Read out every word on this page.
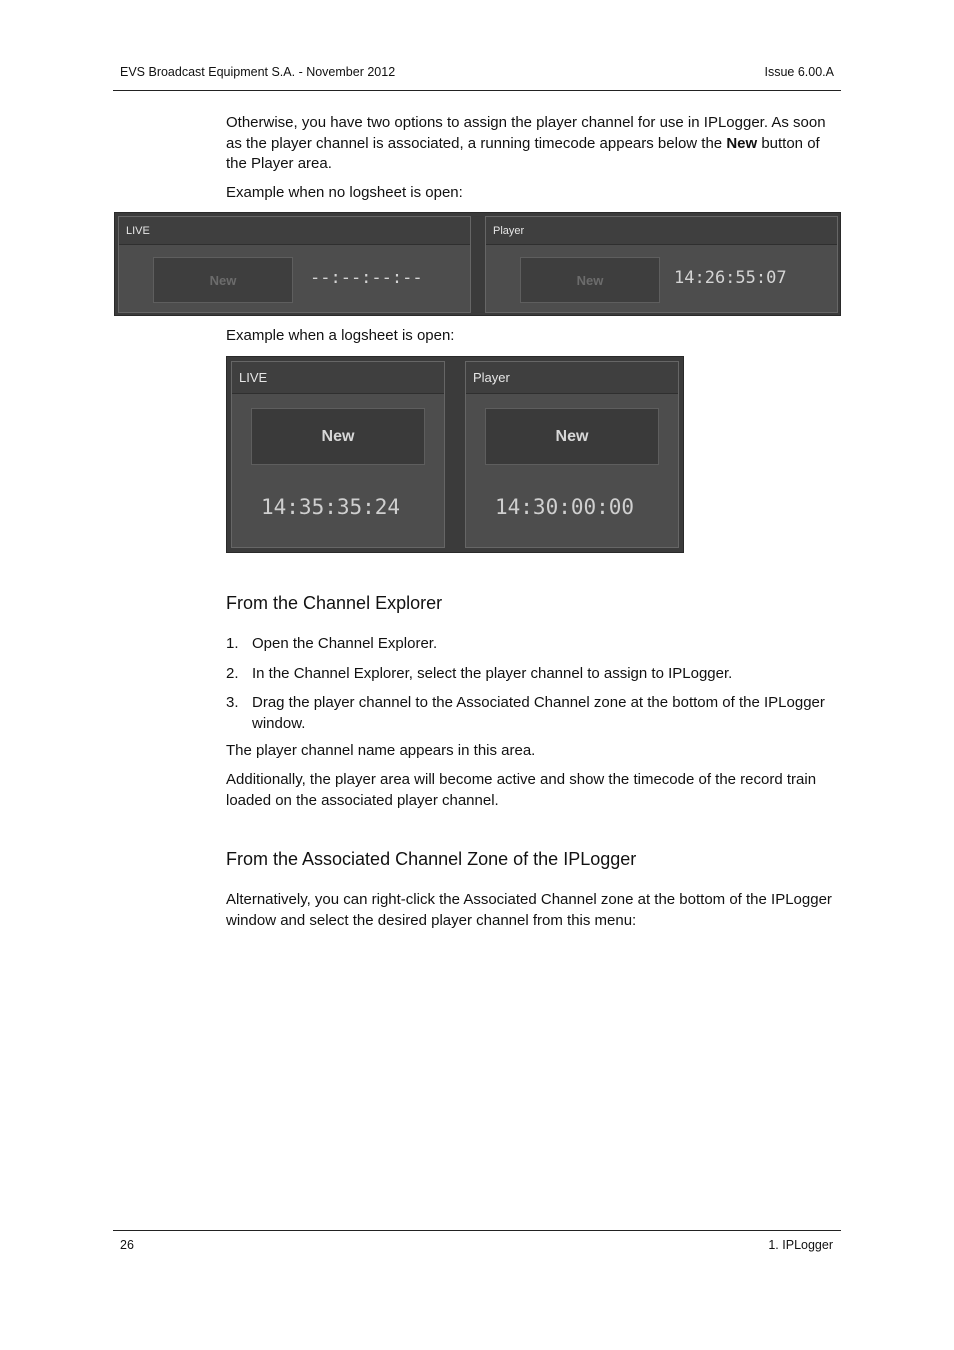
EVS Broadcast Equipment S.A. - November 2012	Issue 6.00.A
Otherwise, you have two options to assign the player channel for use in IPLogger. As soon as the player channel is associated, a running timecode appears below the New button of the Player area.
Example when no logsheet is open:
LIVE
New	--:--:--:--
Player
New	14:26:55:07
Example when a logsheet is open:
LIVE
New
14:35:35:24
Player
New
14:30:00:00
From the Channel Explorer
1. Open the Channel Explorer.
2. In the Channel Explorer, select the player channel to assign to IPLogger.
3. Drag the player channel to the Associated Channel zone at the bottom of the IPLogger window.
The player channel name appears in this area.
Additionally, the player area will become active and show the timecode of the record train loaded on the associated player channel.
From the Associated Channel Zone of the IPLogger
Alternatively, you can right-click the Associated Channel zone at the bottom of the IPLogger window and select the desired player channel from this menu:
26	1. IPLogger
